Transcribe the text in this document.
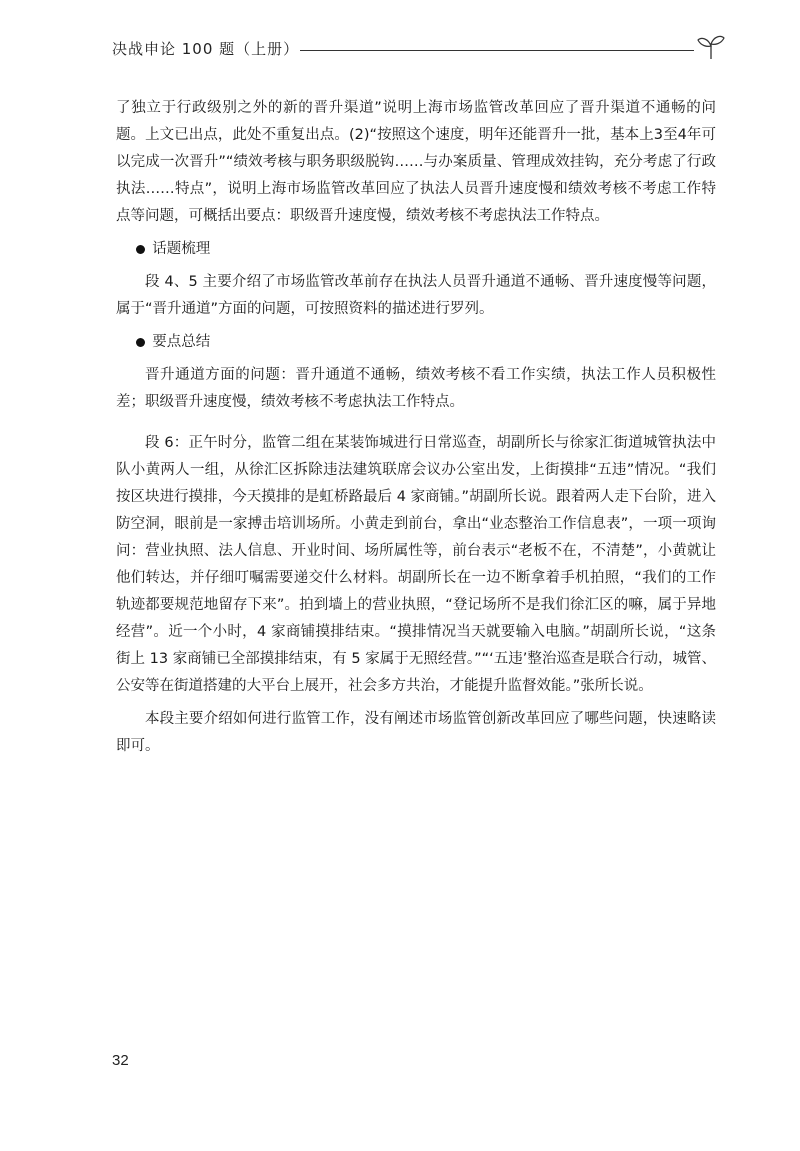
决战申论 100 题（上册）

了独立于行政级别之外的新的晋升渠道”说明上海市场监管改革回应了晋升渠道不通畅的问题。上文已出点，此处不重复出点。(2)“按照这个速度，明年还能晋升一批，基本上3至4年可以完成一次晋升”“绩效考核与职务职级脱钩……与办案质量、管理成效挂钩，充分考虑了行政执法……特点”，说明上海市场监管改革回应了执法人员晋升速度慢和绩效考核不考虑工作特点等问题，可概括出要点：职级晋升速度慢，绩效考核不考虑执法工作特点。

话题梳理

段 4、5 主要介绍了市场监管改革前存在执法人员晋升通道不通畅、晋升速度慢等问题，属于“晋升通道”方面的问题，可按照资料的描述进行罗列。

要点总结

晋升通道方面的问题：晋升通道不通畅，绩效考核不看工作实绩，执法工作人员积极性差；职级晋升速度慢，绩效考核不考虑执法工作特点。

段 6：正午时分，监管二组在某装饰城进行日常巡查，胡副所长与徐家汇街道城管执法中队小黄两人一组，从徐汇区拆除违法建筑联席会议办公室出发，上街摸排“五违”情况。“我们按区块进行摸排，今天摸排的是虹桥路最后 4 家商铺。”胡副所长说。跟着两人走下台阶，进入防空洞，眼前是一家搏击培训场所。小黄走到前台，拿出“业态整治工作信息表”，一项一项询问：营业执照、法人信息、开业时间、场所属性等，前台表示“老板不在，不清楚”，小黄就让他们转达，并仔细叮嘱需要递交什么材料。胡副所长在一边不断拿着手机拍照，“我们的工作轨迹都要规范地留存下来”。拍到墙上的营业执照，“登记场所不是我们徐汇区的嘛，属于异地经营”。近一个小时，4 家商铺摸排结束。“摸排情况当天就要输入电脑。”胡副所长说，“这条街上 13 家商铺已全部摸排结束，有 5 家属于无照经营。”“‘五违’整治巡查是联合行动，城管、公安等在街道搭建的大平台上展开，社会多方共治，才能提升监督效能。”张所长说。

本段主要介绍如何进行监管工作，没有阐述市场监管创新改革回应了哪些问题，快速略读即可。

32
